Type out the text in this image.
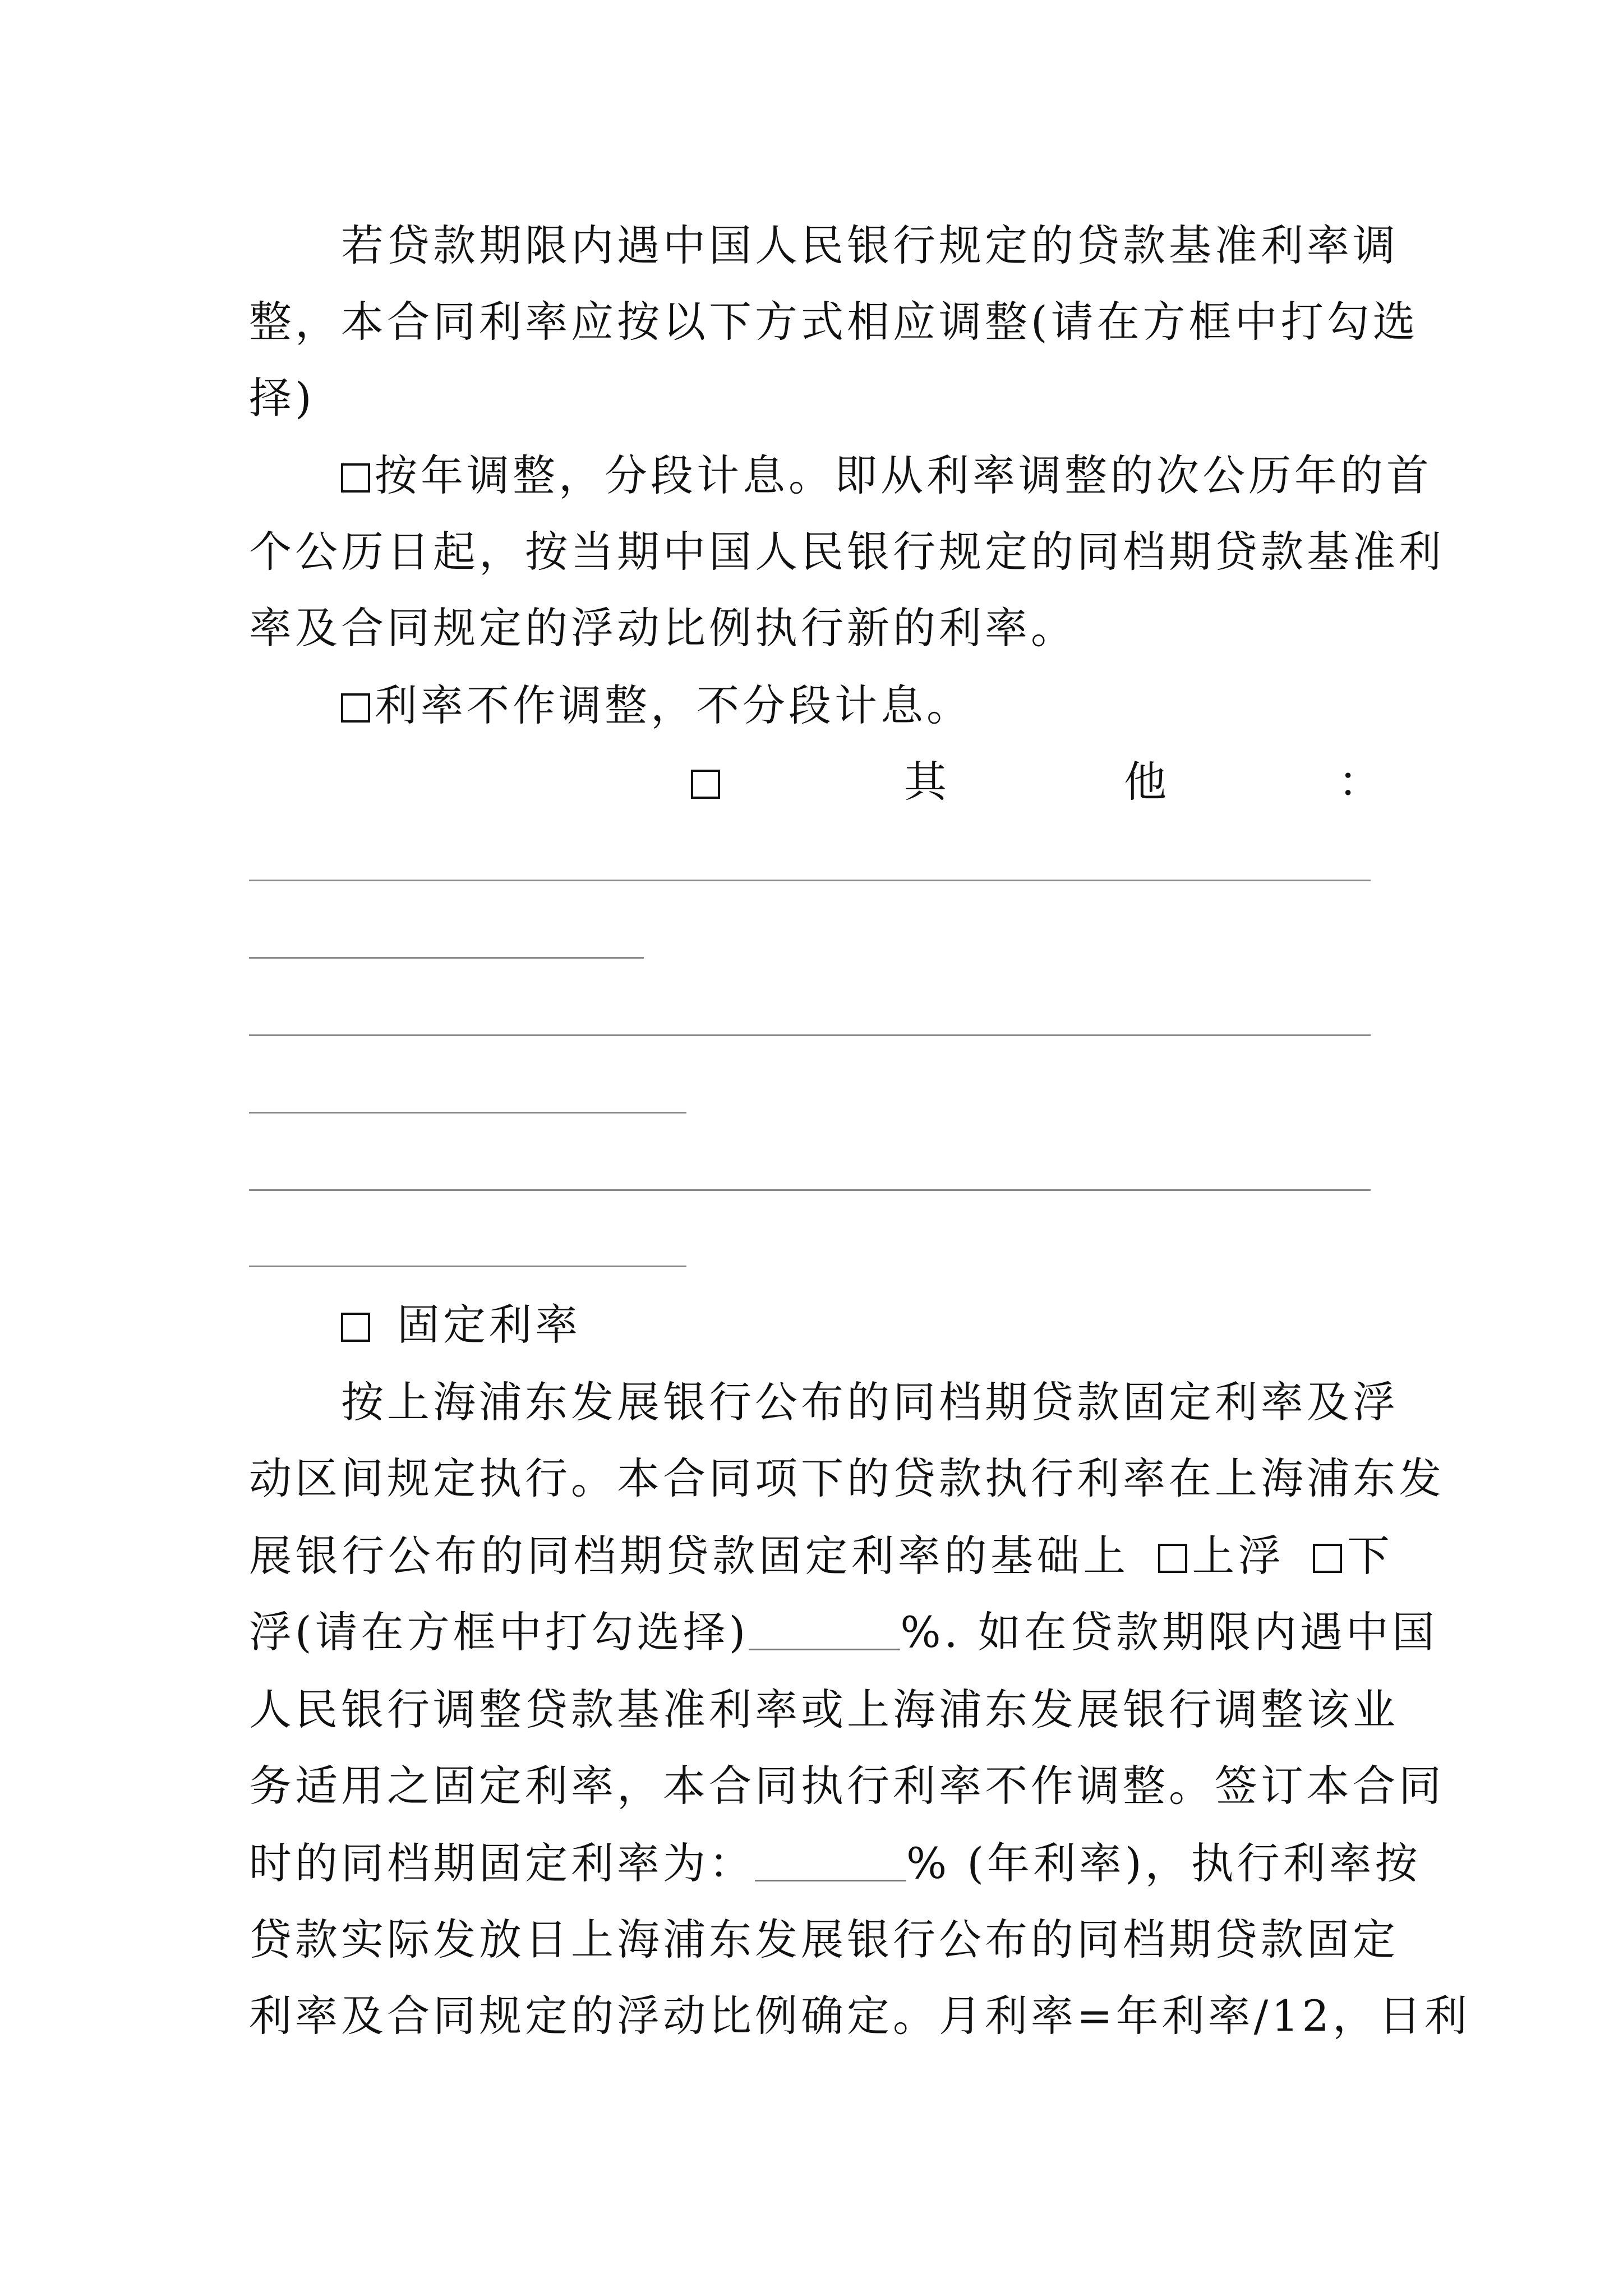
若贷款期限内遇中国人民银行规定的贷款基准利率调
整，本合同利率应按以下方式相应调整(请在方框中打勾选
择)
按年调整，分段计息。即从利率调整的次公历年的首
个公历日起，按当期中国人民银行规定的同档期贷款基准利
率及合同规定的浮动比例执行新的利率。
利率不作调整，不分段计息。
其	他	：
固定利率
按上海浦东发展银行公布的同档期贷款固定利率及浮
动区间规定执行。本合同项下的贷款执行利率在上海浦东发
展银行公布的同档期贷款固定利率的基础上 上浮 下
浮(请在方框中打勾选择)	%. 如在贷款期限内遇中国
人民银行调整贷款基准利率或上海浦东发展银行调整该业
务适用之固定利率，本合同执行利率不作调整。签订本合同
时的同档期固定利率为：	% (年利率)，执行利率按
贷款实际发放日上海浦东发展银行公布的同档期贷款固定
利率及合同规定的浮动比例确定。月利率=年利率/12，日利
